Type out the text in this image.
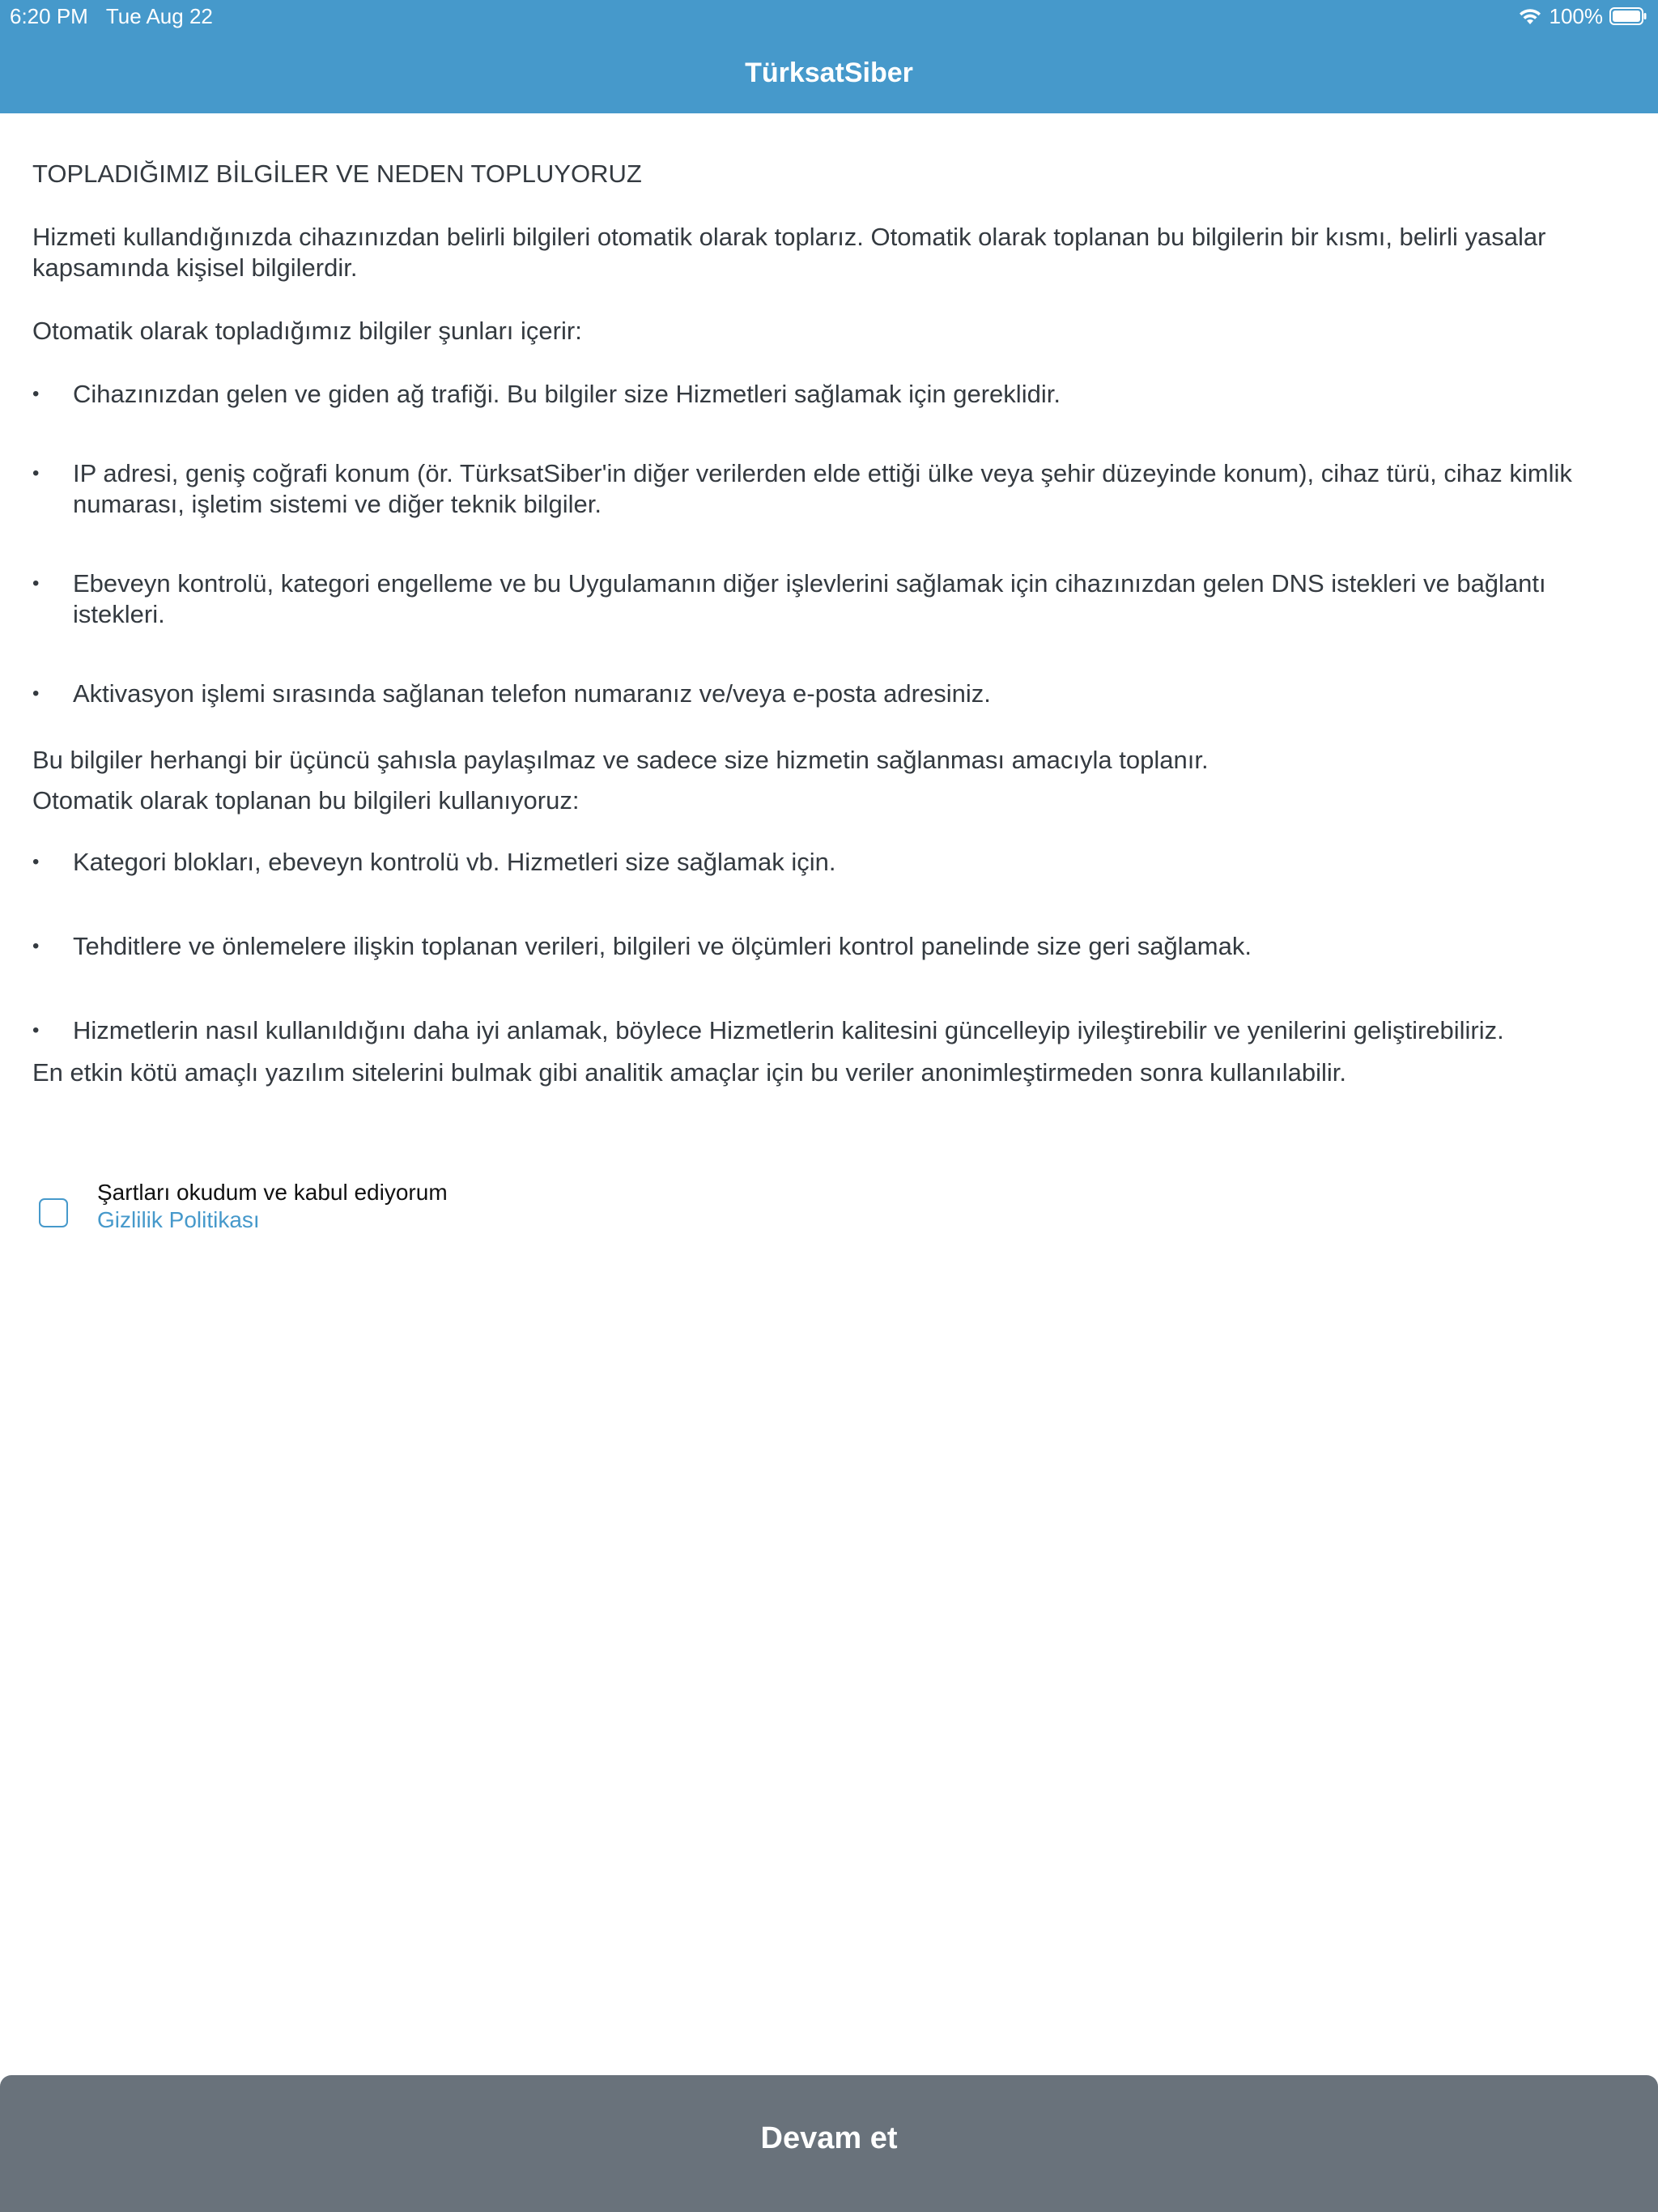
6:20 PM Tue Aug 22	100%
TürksatSiber

TOPLADIĞIMIZ BİLGİLER VE NEDEN TOPLUYORUZ

Hizmeti kullandığınızda cihazınızdan belirli bilgileri otomatik olarak toplarız. Otomatik olarak toplanan bu bilgilerin bir kısmı, belirli yasalar kapsamında kişisel bilgilerdir.

Otomatik olarak topladığımız bilgiler şunları içerir:

•	Cihazınızdan gelen ve giden ağ trafiği. Bu bilgiler size Hizmetleri sağlamak için gereklidir.
•	IP adresi, geniş coğrafi konum (ör. TürksatSiber'in diğer verilerden elde ettiği ülke veya şehir düzeyinde konum), cihaz türü, cihaz kimlik numarası, işletim sistemi ve diğer teknik bilgiler.
•	Ebeveyn kontrolü, kategori engelleme ve bu Uygulamanın diğer işlevlerini sağlamak için cihazınızdan gelen DNS istekleri ve bağlantı istekleri.
•	Aktivasyon işlemi sırasında sağlanan telefon numaranız ve/veya e-posta adresiniz.

Bu bilgiler herhangi bir üçüncü şahısla paylaşılmaz ve sadece size hizmetin sağlanması amacıyla toplanır.

Otomatik olarak toplanan bu bilgileri kullanıyoruz:

•	Kategori blokları, ebeveyn kontrolü vb. Hizmetleri size sağlamak için.
•	Tehditlere ve önlemelere ilişkin toplanan verileri, bilgileri ve ölçümleri kontrol panelinde size geri sağlamak.
•	Hizmetlerin nasıl kullanıldığını daha iyi anlamak, böylece Hizmetlerin kalitesini güncelleyip iyileştirebilir ve yenilerini geliştirebiliriz.

En etkin kötü amaçlı yazılım sitelerini bulmak gibi analitik amaçlar için bu veriler anonimleştirmeden sonra kullanılabilir.

Şartları okudum ve kabul ediyorum
Gizlilik Politikası
Devam et
